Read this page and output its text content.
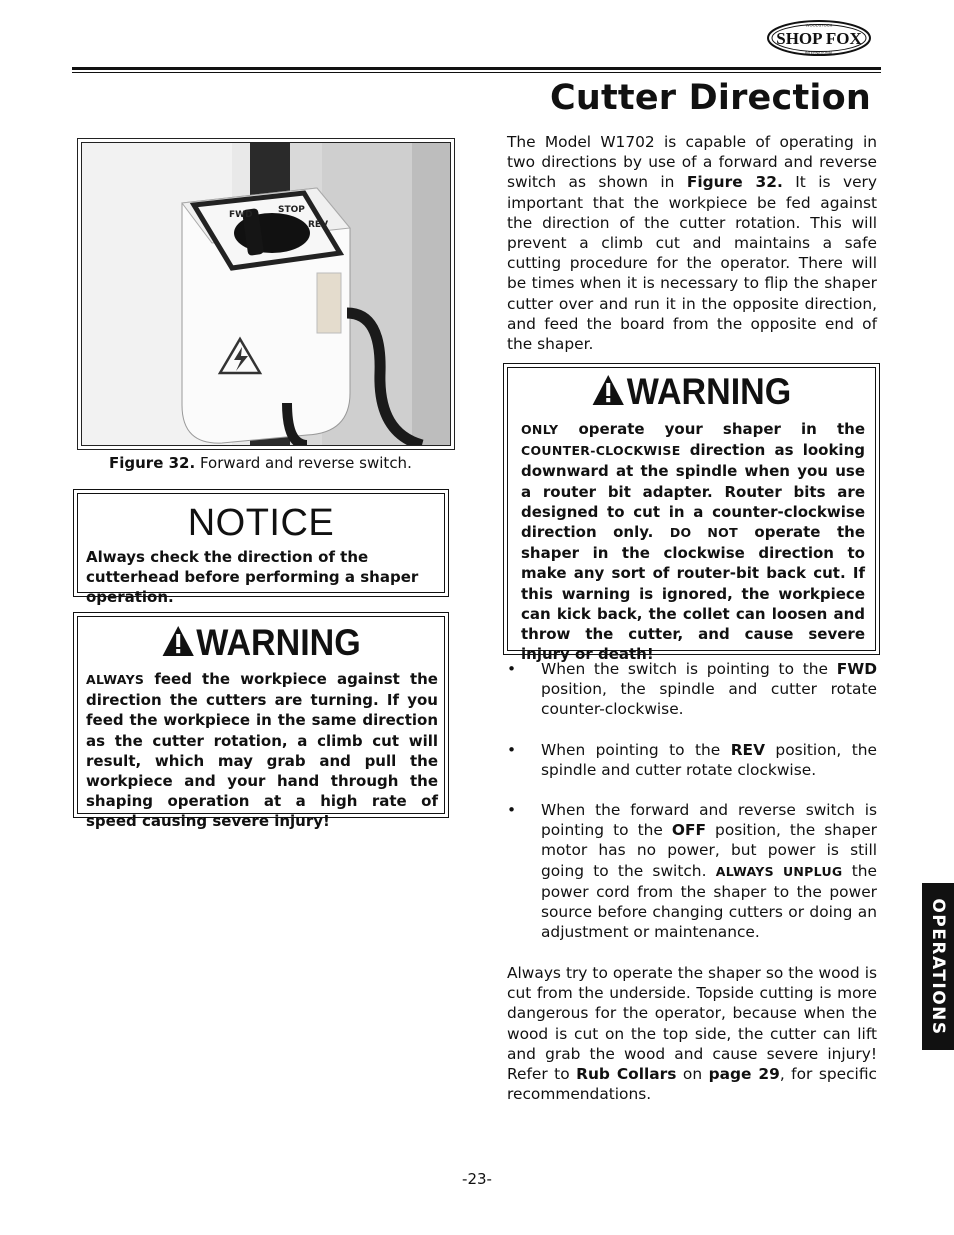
SHOP FOX
WOODSTOCK
INTERNATIONAL
Cutter Direction
FWD	STOP
REV
Figure 32. Forward and reverse switch.
NOTICE
Always check the direction of the cutterhead before performing a shaper operation.
WARNING
ALWAYS feed the workpiece against the direction the cutters are turning. If you feed the workpiece in the same direction as the cutter rotation, a climb cut will result, which may grab and pull the workpiece and your hand through the shaping operation at a high rate of speed causing severe injury!
The Model W1702 is capable of operating in two directions by use of a forward and reverse switch as shown in Figure 32. It is very important that the workpiece be fed against the direction of the cutter rotation. This will prevent a climb cut and maintains a safe cutting procedure for the operator. There will be times when it is necessary to flip the shaper cutter over and run it in the opposite direction, and feed the board from the opposite end of the shaper.
WARNING
ONLY operate your shaper in the COUNTER-CLOCKWISE direction as looking downward at the spindle when you use a router bit adapter. Router bits are designed to cut in a counter-clockwise direction only. DO NOT operate the shaper in the clockwise direction to make any sort of router-bit back cut. If this warning is ignored, the workpiece can kick back, the collet can loosen and throw the cutter, and cause severe injury or death!
•	When the switch is pointing to the FWD position, the spindle and cutter rotate counter-clockwise.
•	When pointing to the REV position, the spindle and cutter rotate clockwise.
•	When the forward and reverse switch is pointing to the OFF position, the shaper motor has no power, but power is still going to the switch. ALWAYS UNPLUG the power cord from the shaper to the power source before changing cutters or doing an adjustment or maintenance.
Always try to operate the shaper so the wood is cut from the underside. Topside cutting is more dangerous for the operator, because when the wood is cut on the top side, the cutter can lift and grab the wood and cause severe injury! Refer to Rub Collars on page 29, for specific recommendations.
OPERATIONS
-23-
